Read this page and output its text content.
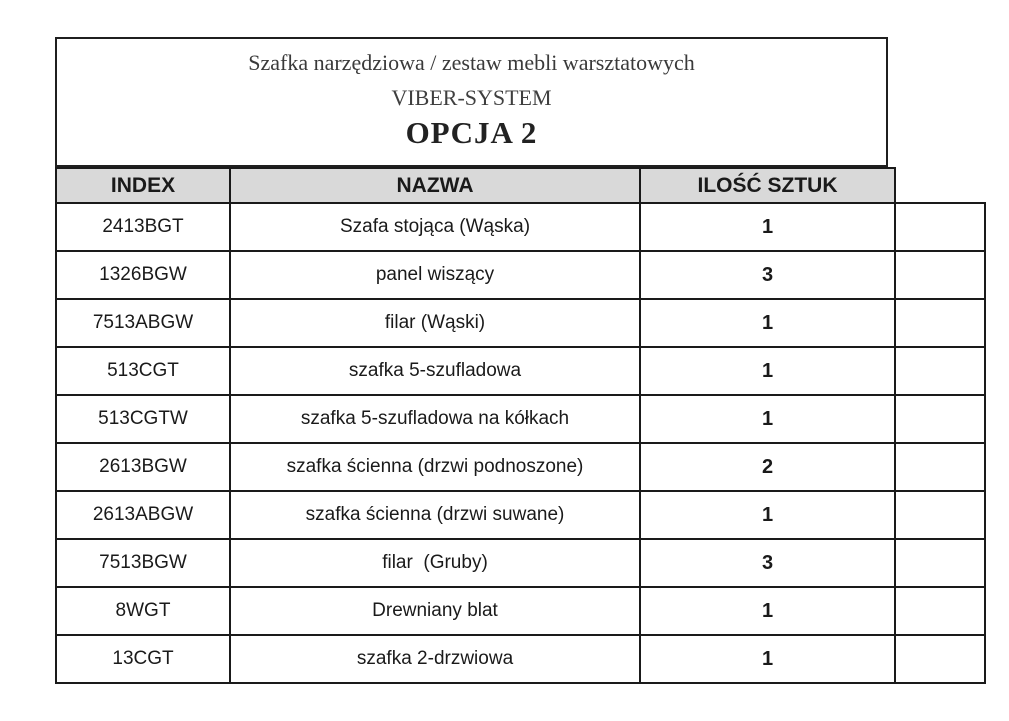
Szafka narzędziowa / zestaw mebli warsztatowych
VIBER-SYSTEM
OPCJA 2
INDEX	NAZWA	ILOŚĆ SZTUK	
2413BGT	Szafa stojąca (Wąska)	1	
1326BGW	panel wiszący	3	
7513ABGW	filar (Wąski)	1	
513CGT	szafka 5-szufladowa	1	
513CGTW	szafka 5-szufladowa na kółkach	1	
2613BGW	szafka ścienna (drzwi podnoszone)	2	
2613ABGW	szafka ścienna (drzwi suwane)	1	
7513BGW	filar  (Gruby)	3	
8WGT	Drewniany blat	1	
13CGT	szafka 2-drzwiowa	1	
